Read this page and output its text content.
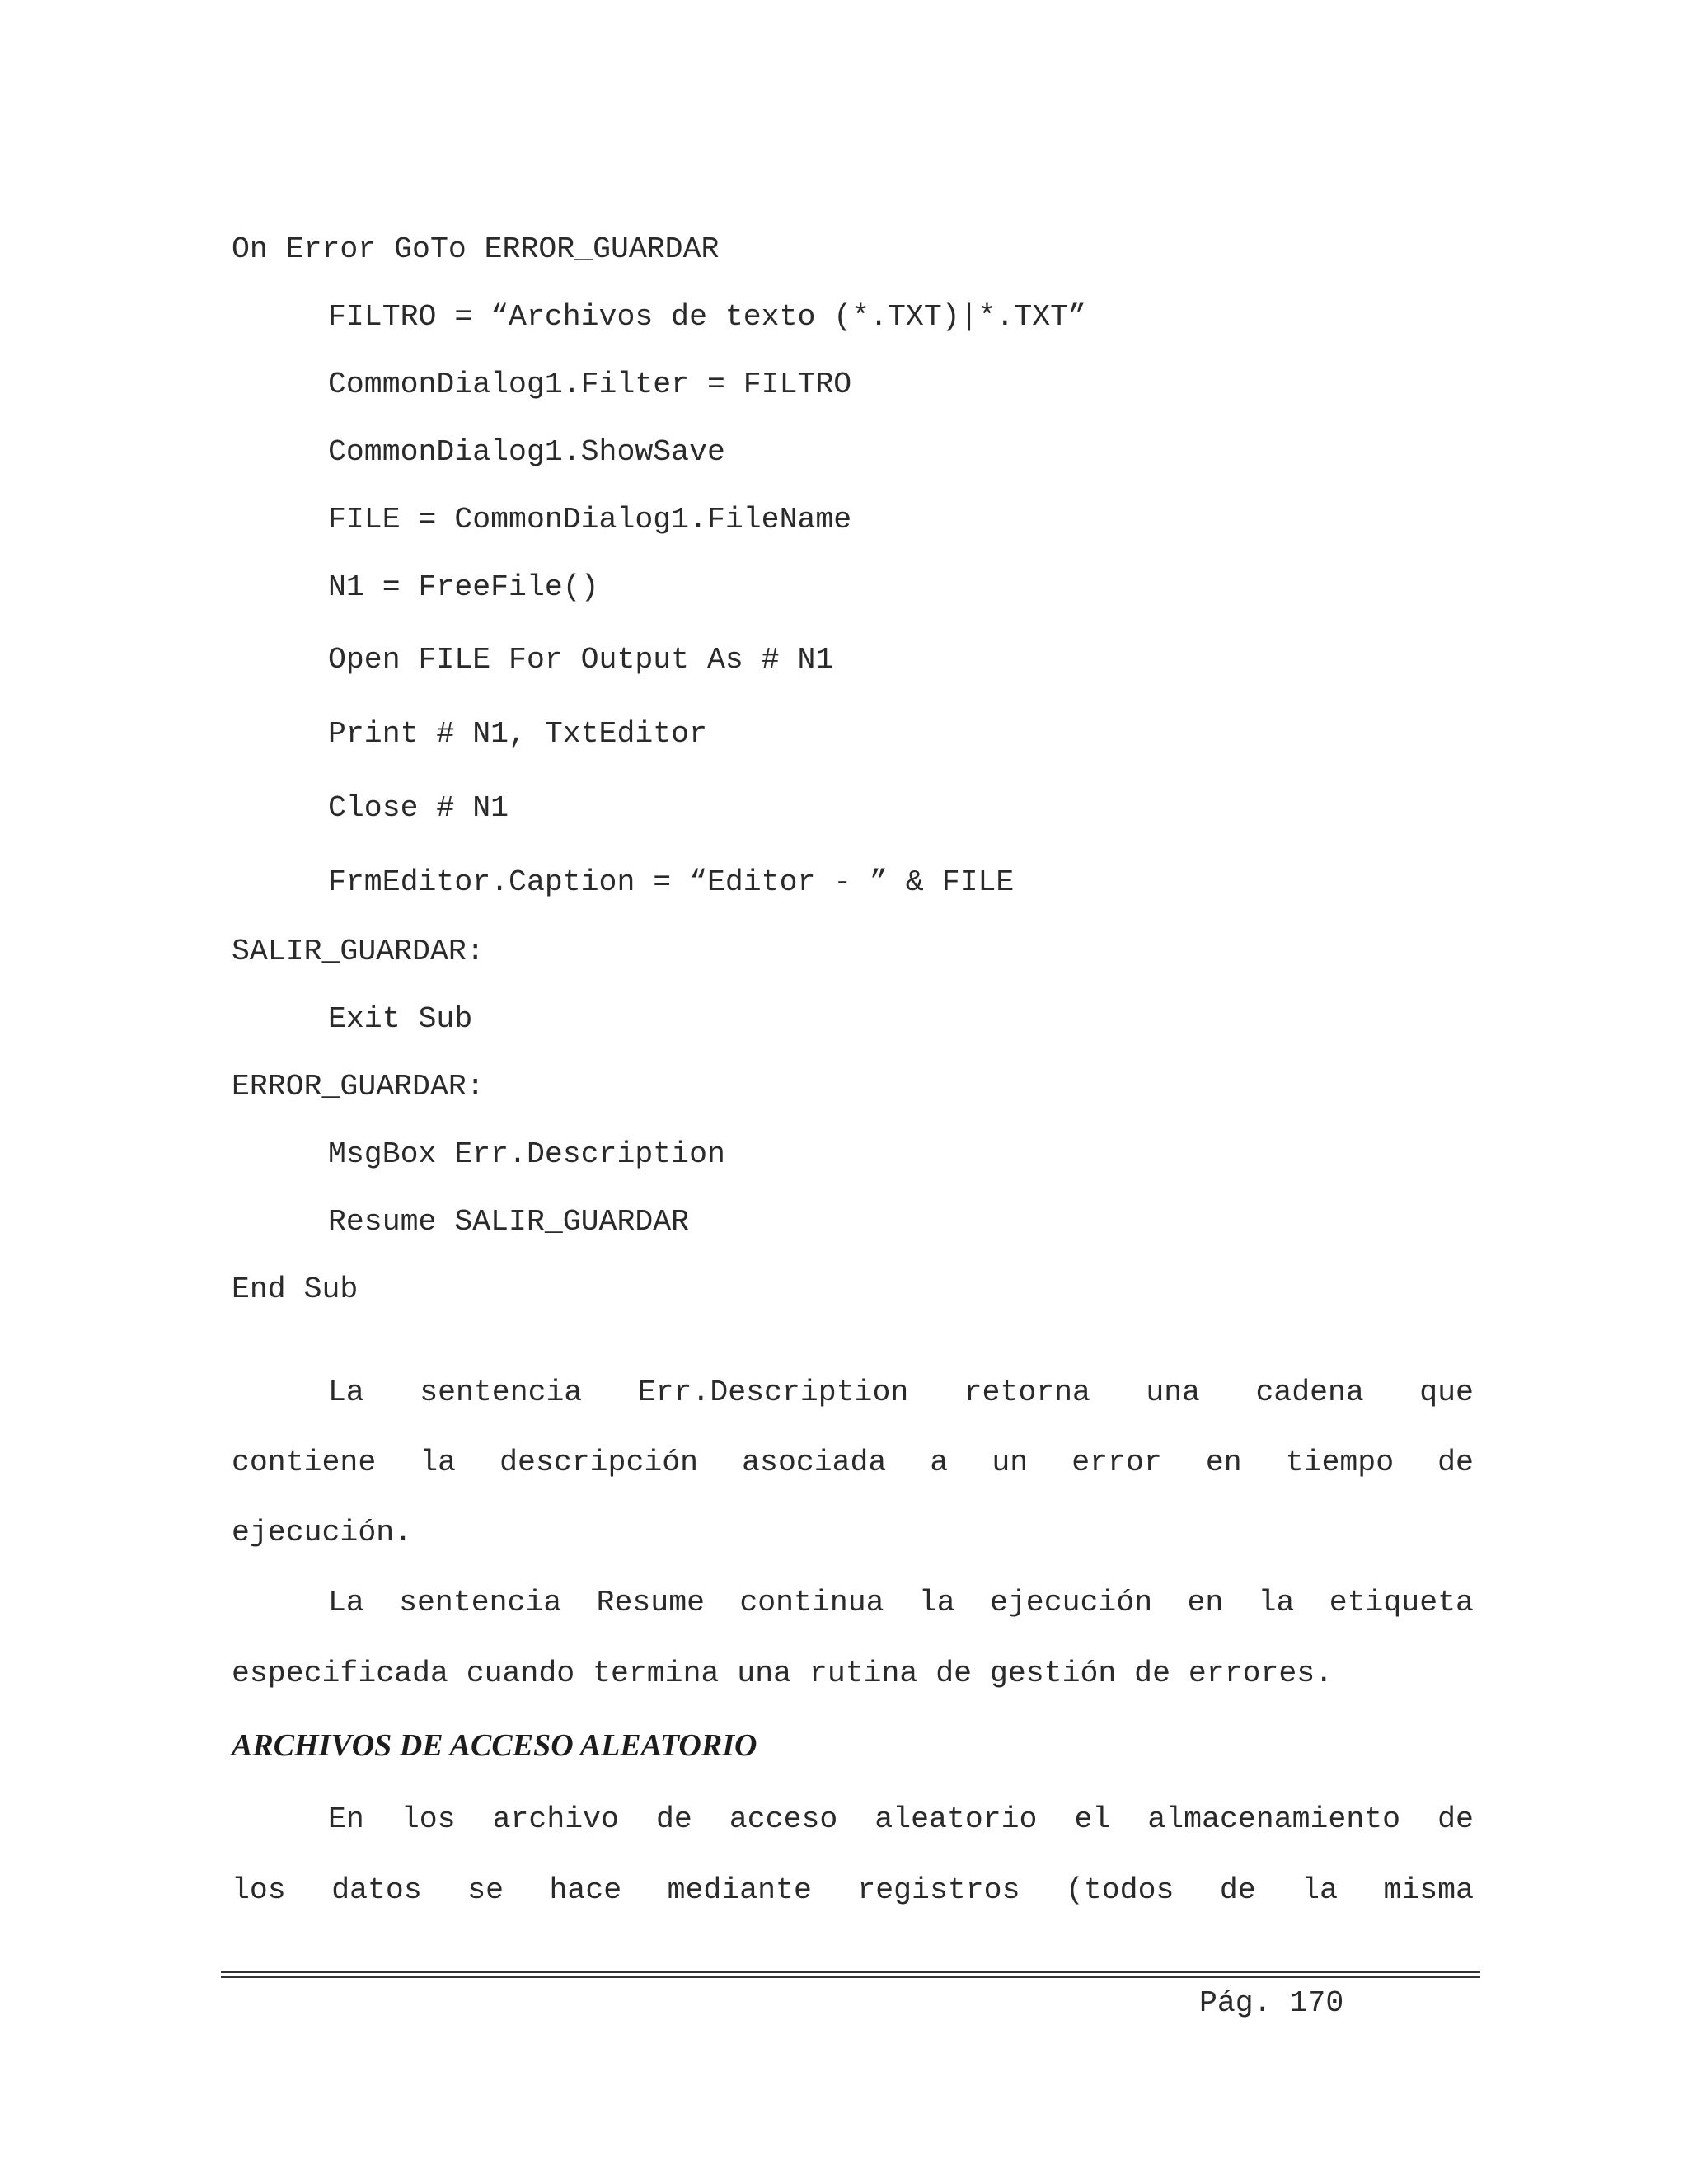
On Error GoTo ERROR_GUARDAR
FILTRO = “Archivos de texto (*.TXT)|*.TXT”
CommonDialog1.Filter = FILTRO
CommonDialog1.ShowSave
FILE = CommonDialog1.FileName
N1 = FreeFile()
Open FILE For Output As # N1
Print # N1, TxtEditor
Close # N1
FrmEditor.Caption = “Editor - ” & FILE
SALIR_GUARDAR:
Exit Sub
ERROR_GUARDAR:
MsgBox Err.Description
Resume SALIR_GUARDAR
End Sub
La sentencia Err.Description retorna una cadena que
contiene la descripción asociada a un error en tiempo de
ejecución.
La sentencia Resume continua la ejecución en la etiqueta
especificada cuando termina una rutina de gestión de errores.
ARCHIVOS DE ACCESO ALEATORIO
En los archivo de acceso aleatorio el almacenamiento de
los datos se hace mediante registros (todos de la misma
Pág. 170
